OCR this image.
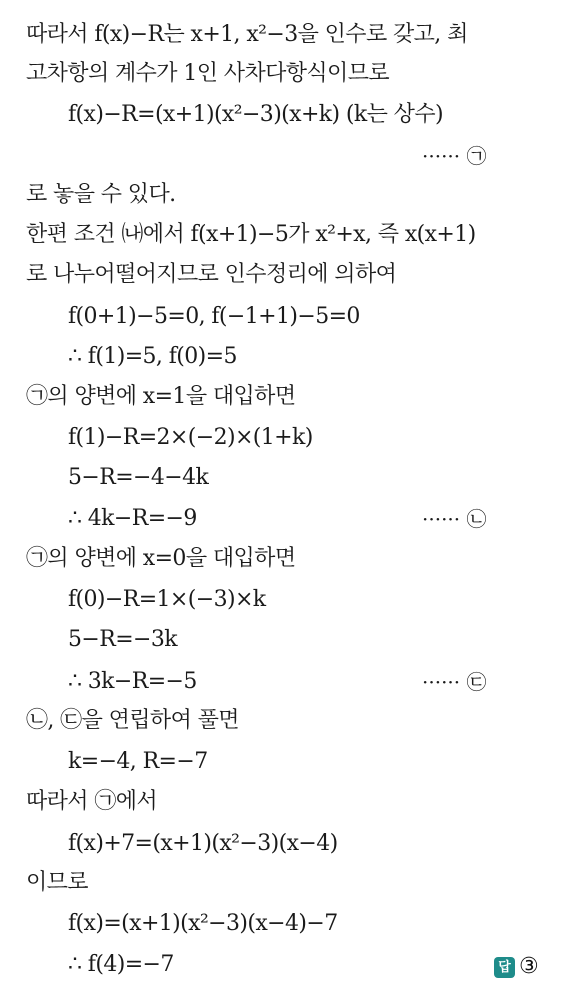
따라서 f(x)−R는 x+1, x²−3을 인수로 갖고, 최
고차항의 계수가 1인 사차다항식이므로
f(x)−R=(x+1)(x²−3)(x+k) (k는 상수)
······ ㉠
로 놓을 수 있다.
한편 조건 ㈏에서 f(x+1)−5가 x²+x, 즉 x(x+1)
로 나누어떨어지므로 인수정리에 의하여
f(0+1)−5=0, f(−1+1)−5=0
∴ f(1)=5, f(0)=5
㉠의 양변에 x=1을 대입하면
f(1)−R=2×(−2)×(1+k)
5−R=−4−4k
∴ 4k−R=−9	······ ㉡
㉠의 양변에 x=0을 대입하면
f(0)−R=1×(−3)×k
5−R=−3k
∴ 3k−R=−5	······ ㉢
㉡, ㉢을 연립하여 풀면
k=−4, R=−7
따라서 ㉠에서
f(x)+7=(x+1)(x²−3)(x−4)
이므로
f(x)=(x+1)(x²−3)(x−4)−7
∴ f(4)=−7	답 ③
